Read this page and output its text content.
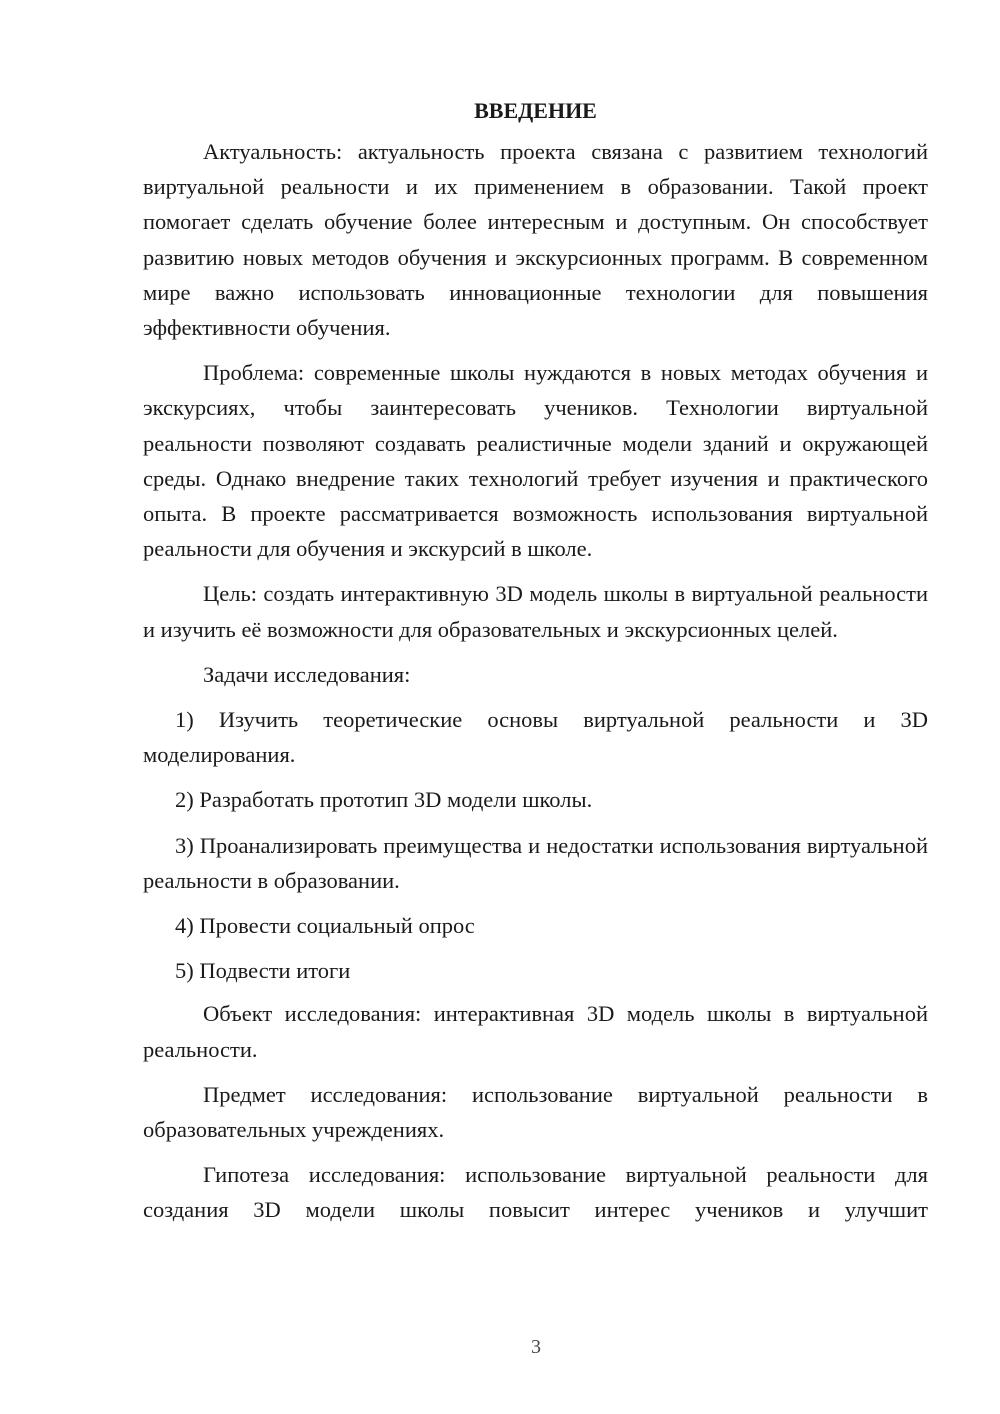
ВВЕДЕНИЕ

Актуальность: актуальность проекта связана с развитием технологий виртуальной реальности и их применением в образовании. Такой проект помогает сделать обучение более интересным и доступным. Он способствует развитию новых методов обучения и экскурсионных программ. В современном мире важно использовать инновационные технологии для повышения эффективности обучения.

Проблема: современные школы нуждаются в новых методах обучения и экскурсиях, чтобы заинтересовать учеников. Технологии виртуальной реальности позволяют создавать реалистичные модели зданий и окружающей среды. Однако внедрение таких технологий требует изучения и практического опыта. В проекте рассматривается возможность использования виртуальной реальности для обучения и экскурсий в школе.

Цель: создать интерактивную 3D модель школы в виртуальной реальности и изучить её возможности для образовательных и экскурсионных целей.

Задачи исследования:

1) Изучить теоретические основы виртуальной реальности и 3D моделирования.

2) Разработать прототип 3D модели школы.

3) Проанализировать преимущества и недостатки использования виртуальной реальности в образовании.

4) Провести социальный опрос

5) Подвести итоги

Объект исследования: интерактивная 3D модель школы в виртуальной реальности.

Предмет исследования: использование виртуальной реальности в образовательных учреждениях.

Гипотеза исследования: использование виртуальной реальности для создания 3D модели школы повысит интерес учеников и улучшит

3
